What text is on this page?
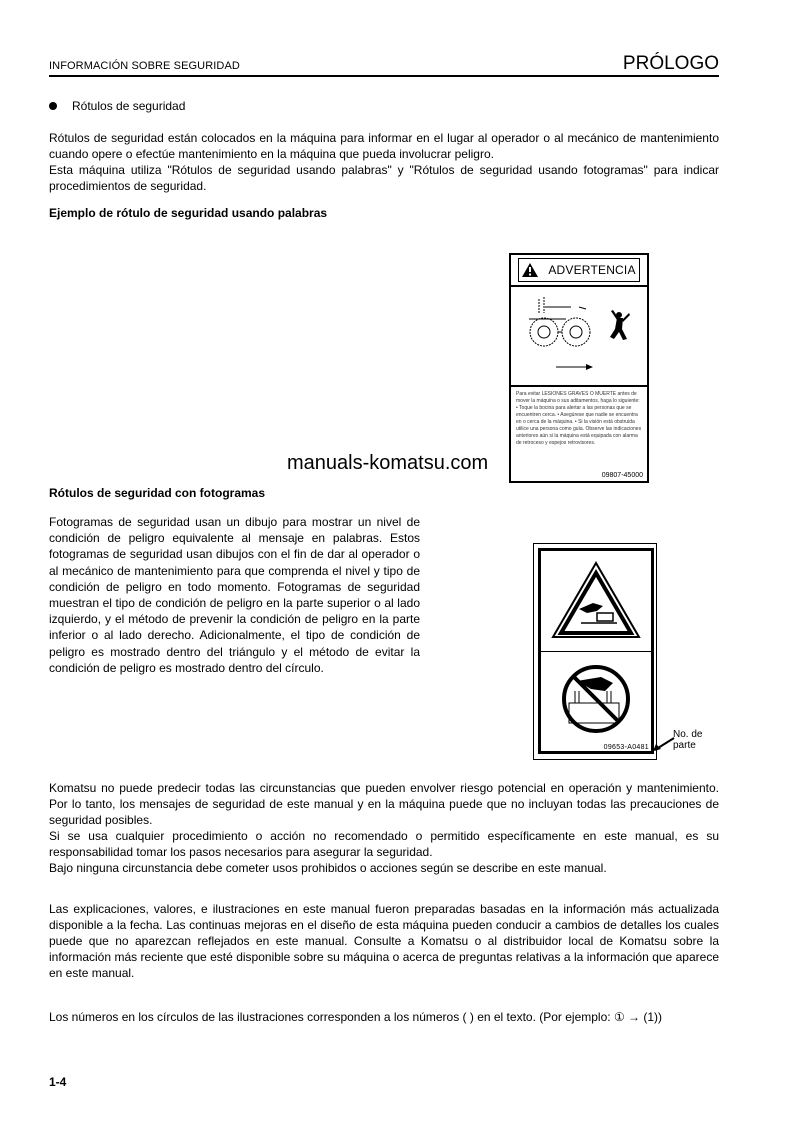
INFORMACIÓN SOBRE SEGURIDAD	PRÓLOGO
Rótulos de seguridad

Rótulos de seguridad están colocados en la máquina para informar en el lugar al operador o al mecánico de mantenimiento cuando opere o efectúe mantenimiento en la máquina que pueda involucrar peligro.

Esta máquina utiliza "Rótulos de seguridad usando palabras" y "Rótulos de seguridad usando fotogramas" para indicar procedimientos de seguridad.

Ejemplo de rótulo de seguridad usando palabras
ADVERTENCIA
Para evitar LESIONES GRAVES O MUERTE antes de mover la máquina o sus aditamentos, haga lo siguiente: • Toque la bocina para alertar a las personas que se encuentren cerca. • Asegúrese que nadie se encuentra en o cerca de la máquina. • Si la visión está obstruida utilice una persona como guía. Observe las indicaciones anteriores aún si la máquina está equipada con alarma de retroceso y espejos retrovisores.
09807-45000
manuals-komatsu.com
Rótulos de seguridad con fotogramas
Fotogramas de seguridad usan un dibujo para mostrar un nivel de condición de peligro equivalente al mensaje en palabras. Estos fotogramas de seguridad usan dibujos con el fin de dar al operador o al mecánico de mantenimiento para que comprenda el nivel y tipo de condición de peligro en todo momento. Fotogramas de seguridad muestran el tipo de condición de peligro en la parte superior o al lado izquierdo, y el método de prevenir la condición de peligro en la parte inferior o al lado derecho. Adicionalmente, el tipo de condición de peligro es mostrado dentro del triángulo y el método de evitar la condición de peligro es mostrado dentro del círculo.
09653-A0481
No. de
parte

Komatsu no puede predecir todas las circunstancias que pueden envolver riesgo potencial en operación y mantenimiento. Por lo tanto, los mensajes de seguridad de este manual y en la máquina puede que no incluyan todas las precauciones de seguridad posibles.

Si se usa cualquier procedimiento o acción no recomendado o permitido específicamente en este manual, es su responsabilidad tomar los pasos necesarios para asegurar la seguridad.

Bajo ninguna circunstancia debe cometer usos prohibidos o acciones según se describe en este manual.

Las explicaciones, valores, e ilustraciones en este manual fueron preparadas basadas en la información más actualizada disponible a la fecha. Las continuas mejoras en el diseño de esta máquina pueden conducir a cambios de detalles los cuales puede que no aparezcan reflejados en este manual. Consulte a Komatsu o al distribuidor local de Komatsu sobre la información más reciente que esté disponible sobre su máquina o acerca de preguntas relativas a la información que aparece en este manual.
Los números en los círculos de las ilustraciones corresponden a los números ( ) en el texto. (Por ejemplo: ① → (1))
1-4
